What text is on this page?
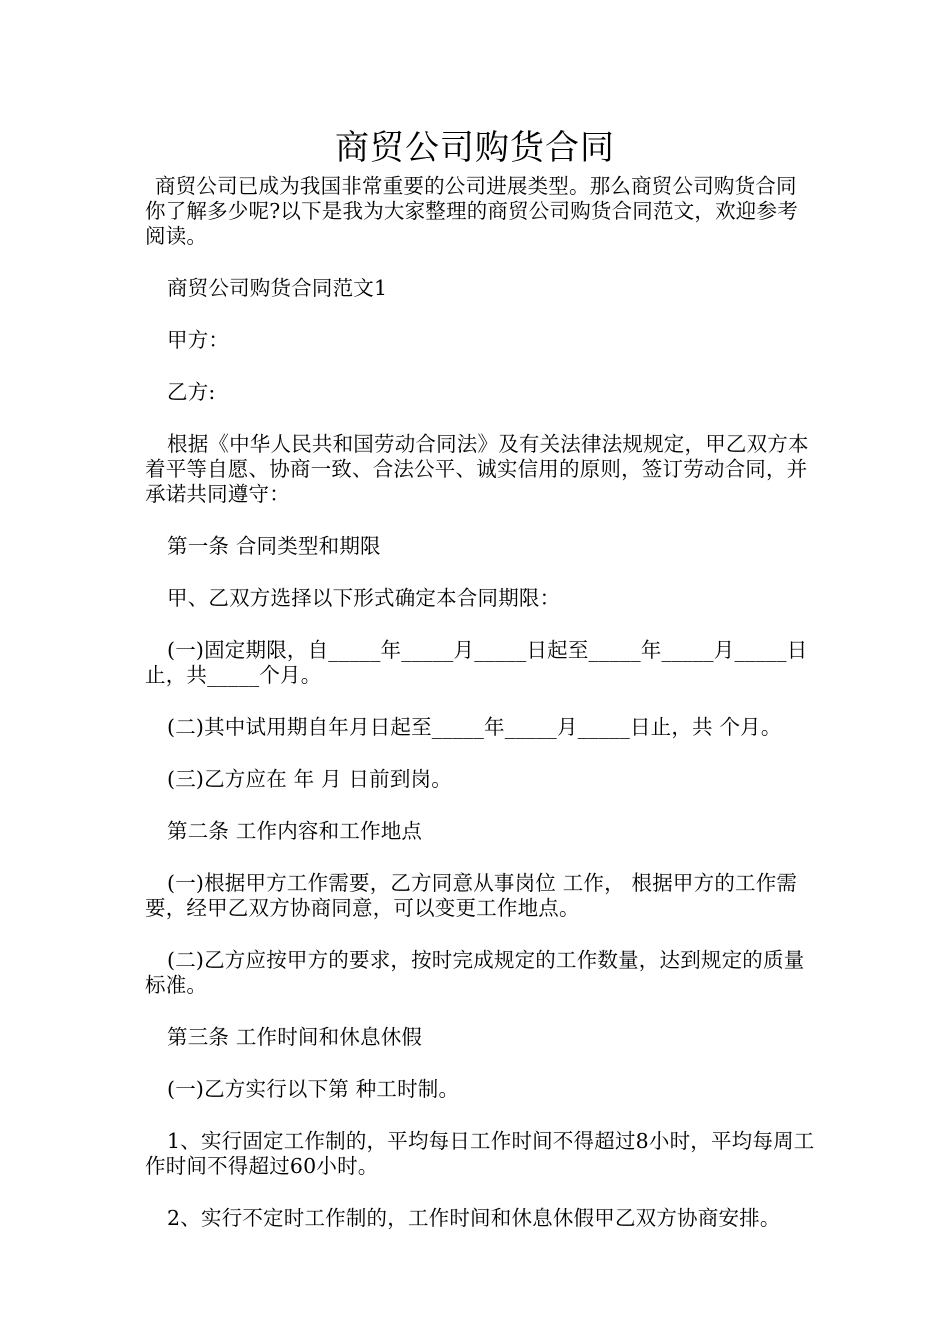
商贸公司购货合同

商贸公司已成为我国非常重要的公司进展类型。那么商贸公司购货合同你了解多少呢?以下是我为大家整理的商贸公司购货合同范文，欢迎参考阅读。

商贸公司购货合同范文1

甲方：

乙方:

根据《中华人民共和国劳动合同法》及有关法律法规规定，甲乙双方本着平等自愿、协商一致、合法公平、诚实信用的原则，签订劳动合同，并承诺共同遵守：

第一条 合同类型和期限

甲、乙双方选择以下形式确定本合同期限：

(一)固定期限，自_____年_____月_____日起至_____年_____月_____日止，共_____个月。

(二)其中试用期自年月日起至_____年_____月_____日止，共 个月。

(三)乙方应在 年 月 日前到岗。

第二条 工作内容和工作地点

(一)根据甲方工作需要，乙方同意从事岗位 工作， 根据甲方的工作需要，经甲乙双方协商同意，可以变更工作地点。

(二)乙方应按甲方的要求，按时完成规定的工作数量，达到规定的质量标准。

第三条 工作时间和休息休假

(一)乙方实行以下第 种工时制。

1、实行固定工作制的，平均每日工作时间不得超过8小时，平均每周工作时间不得超过60小时。

2、实行不定时工作制的，工作时间和休息休假甲乙双方协商安排。
